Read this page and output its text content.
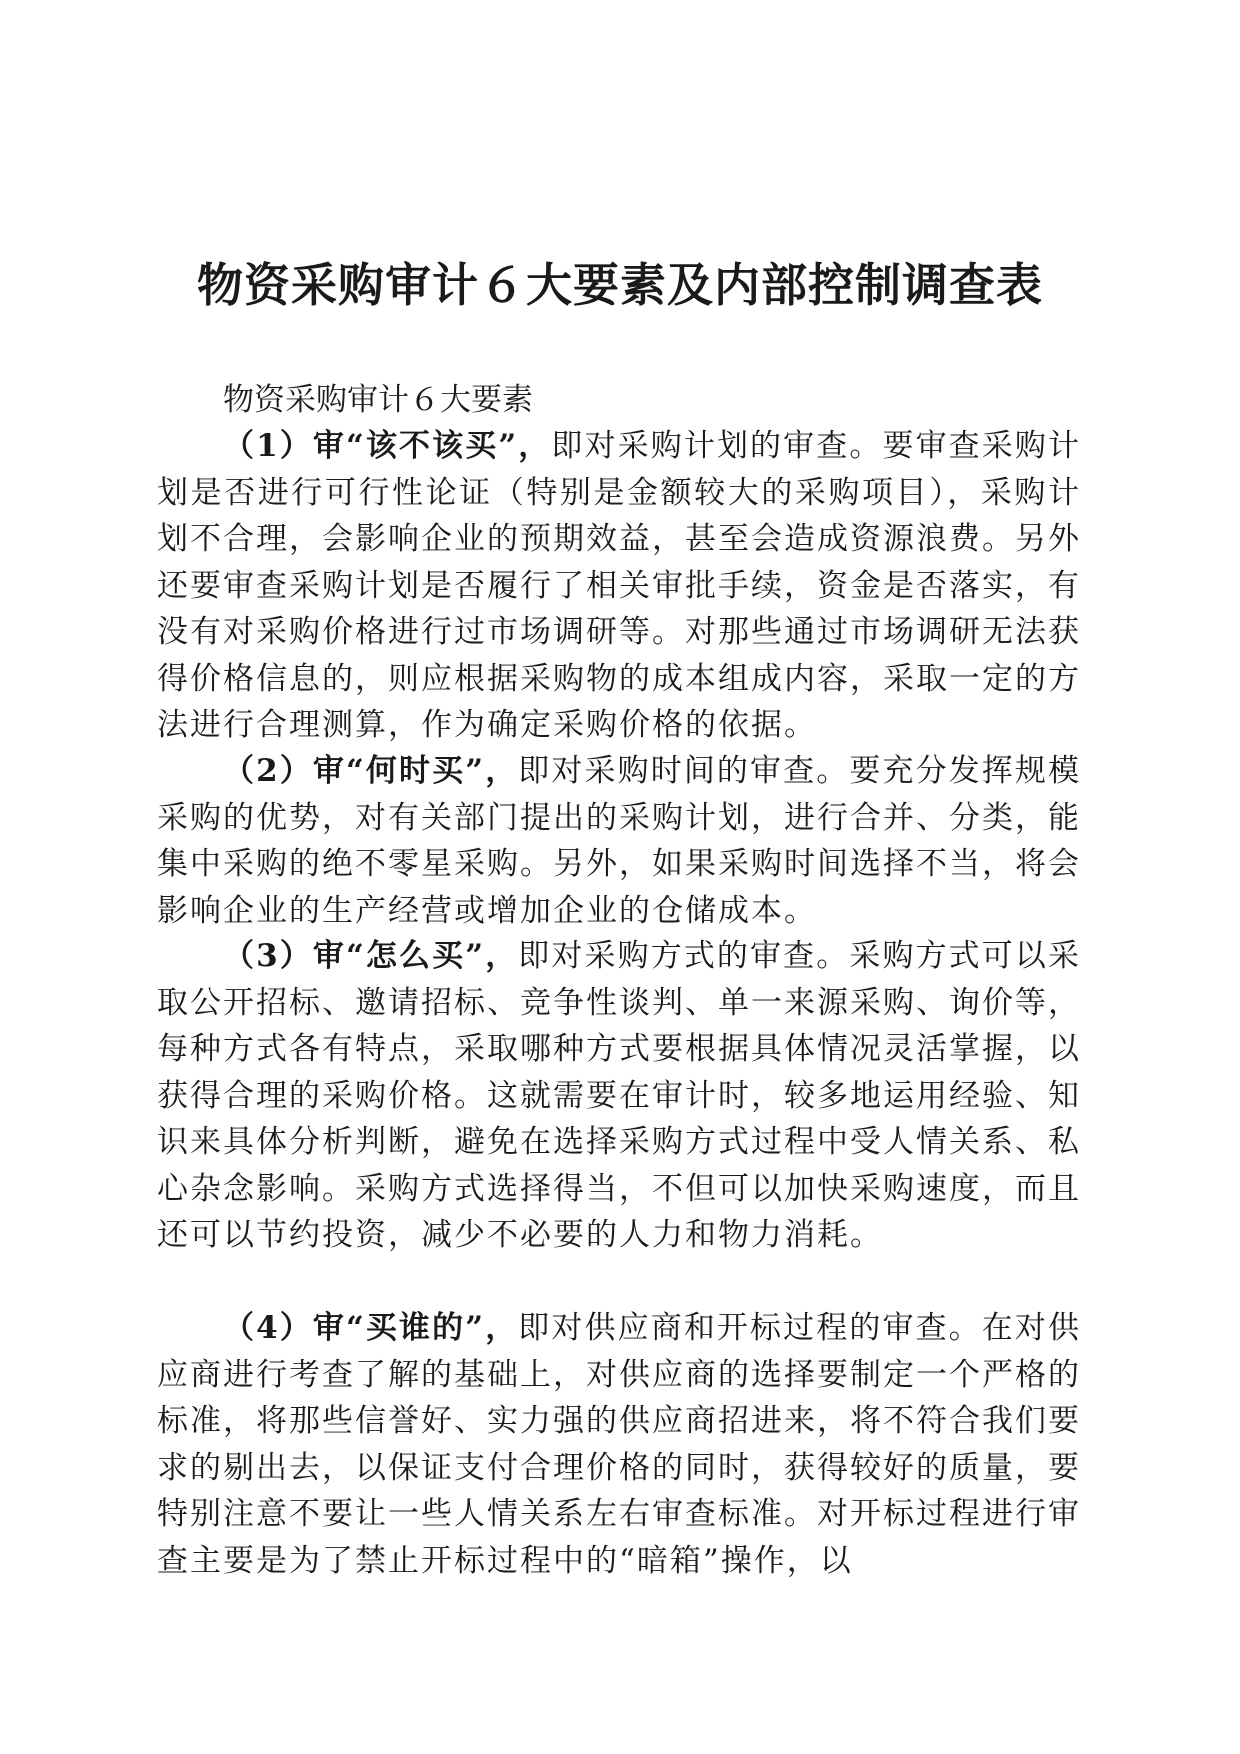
物资采购审计６大要素及内部控制调查表
物资采购审计６大要素

（1）审“该不该买”，即对采购计划的审查。要审查采购计划是否进行可行性论证（特别是金额较大的采购项目），采购计划不合理，会影响企业的预期效益，甚至会造成资源浪费。另外还要审查采购计划是否履行了相关审批手续，资金是否落实，有没有对采购价格进行过市场调研等。对那些通过市场调研无法获得价格信息的，则应根据采购物的成本组成内容，采取一定的方法进行合理测算，作为确定采购价格的依据。

（2）审“何时买”，即对采购时间的审查。要充分发挥规模采购的优势，对有关部门提出的采购计划，进行合并、分类，能集中采购的绝不零星采购。另外，如果采购时间选择不当，将会影响企业的生产经营或增加企业的仓储成本。

（3）审“怎么买”，即对采购方式的审查。采购方式可以采取公开招标、邀请招标、竞争性谈判、单一来源采购、询价等，每种方式各有特点，采取哪种方式要根据具体情况灵活掌握，以获得合理的采购价格。这就需要在审计时，较多地运用经验、知识来具体分析判断，避免在选择采购方式过程中受人情关系、私心杂念影响。采购方式选择得当，不但可以加快采购速度，而且还可以节约投资，减少不必要的人力和物力消耗。

（4）审“买谁的”，即对供应商和开标过程的审查。在对供应商进行考查了解的基础上，对供应商的选择要制定一个严格的标准，将那些信誉好、实力强的供应商招进来，将不符合我们要求的剔出去，以保证支付合理价格的同时，获得较好的质量，要特别注意不要让一些人情关系左右审查标准。对开标过程进行审查主要是为了禁止开标过程中的“暗箱”操作，以
